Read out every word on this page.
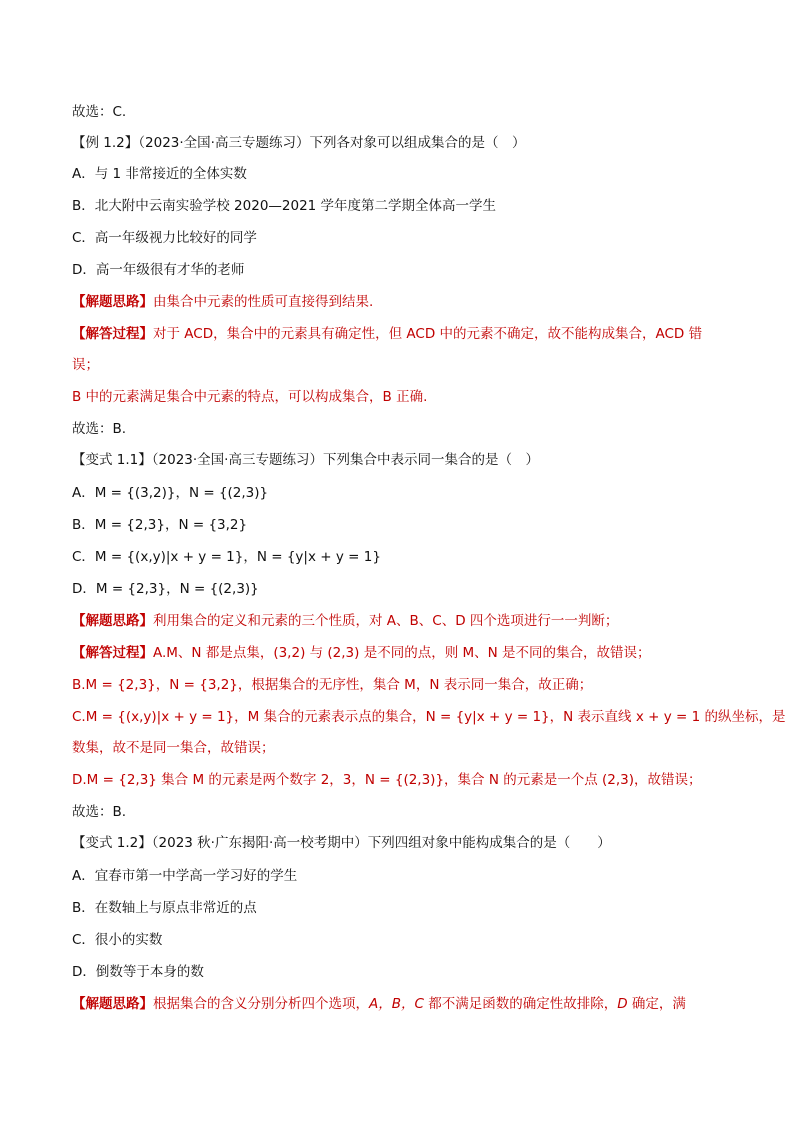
故选：C.
【例 1.2】（2023·全国·高三专题练习）下列各对象可以组成集合的是（　）
A．与 1 非常接近的全体实数
B．北大附中云南实验学校 2020—2021 学年度第二学期全体高一学生
C．高一年级视力比较好的同学
D．高一年级很有才华的老师
【解题思路】由集合中元素的性质可直接得到结果.
【解答过程】对于 ACD，集合中的元素具有确定性，但 ACD 中的元素不确定，故不能构成集合，ACD 错
误；
B 中的元素满足集合中元素的特点，可以构成集合，B 正确.
故选：B.
【变式 1.1】（2023·全国·高三专题练习）下列集合中表示同一集合的是（　）
A．M = {(3,2)}，N = {(2,3)}
B．M = {2,3}，N = {3,2}
C．M = {(x,y)|x + y = 1}，N = {y|x + y = 1}
D．M = {2,3}，N = {(2,3)}
【解题思路】利用集合的定义和元素的三个性质，对 A、B、C、D 四个选项进行一一判断；
【解答过程】A.M、N 都是点集，(3,2) 与 (2,3) 是不同的点，则 M、N 是不同的集合，故错误；
B.M = {2,3}，N = {3,2}，根据集合的无序性，集合 M，N 表示同一集合，故正确；
C.M = {(x,y)|x + y = 1}，M 集合的元素表示点的集合，N = {y|x + y = 1}，N 表示直线 x + y = 1 的纵坐标，是
数集，故不是同一集合，故错误；
D.M = {2,3} 集合 M 的元素是两个数字 2，3，N = {(2,3)}，集合 N 的元素是一个点 (2,3)，故错误；
故选：B.
【变式 1.2】（2023 秋·广东揭阳·高一校考期中）下列四组对象中能构成集合的是（　　）
A．宜春市第一中学高一学习好的学生
B．在数轴上与原点非常近的点
C．很小的实数
D．倒数等于本身的数
【解题思路】根据集合的含义分别分析四个选项，A，B，C 都不满足函数的确定性故排除，D 确定，满
